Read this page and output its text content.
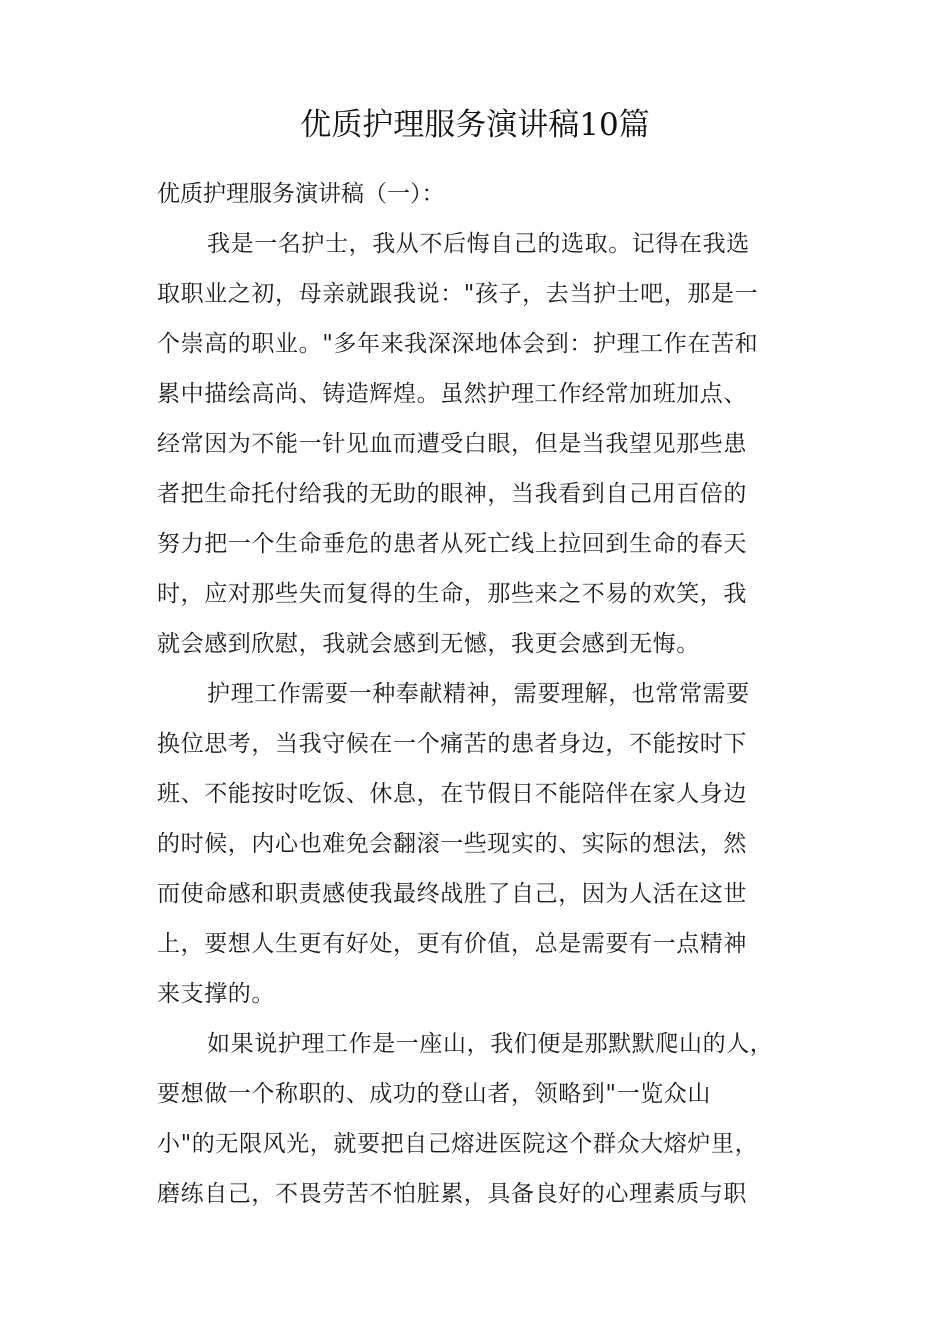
优质护理服务演讲稿10篇
优质护理服务演讲稿（一）：
我是一名护士，我从不后悔自己的选取。记得在我选
取职业之初，母亲就跟我说："孩子，去当护士吧，那是一
个崇高的职业。"多年来我深深地体会到：护理工作在苦和
累中描绘高尚、铸造辉煌。虽然护理工作经常加班加点、
经常因为不能一针见血而遭受白眼，但是当我望见那些患
者把生命托付给我的无助的眼神，当我看到自己用百倍的
努力把一个生命垂危的患者从死亡线上拉回到生命的春天
时，应对那些失而复得的生命，那些来之不易的欢笑，我
就会感到欣慰，我就会感到无憾，我更会感到无悔。
护理工作需要一种奉献精神，需要理解，也常常需要
换位思考，当我守候在一个痛苦的患者身边，不能按时下
班、不能按时吃饭、休息，在节假日不能陪伴在家人身边
的时候，内心也难免会翻滚一些现实的、实际的想法，然
而使命感和职责感使我最终战胜了自己，因为人活在这世
上，要想人生更有好处，更有价值，总是需要有一点精神
来支撑的。
如果说护理工作是一座山，我们便是那默默爬山的人，
要想做一个称职的、成功的登山者，领略到"一览众山
小"的无限风光，就要把自己熔进医院这个群众大熔炉里，
磨练自己，不畏劳苦不怕脏累，具备良好的心理素质与职
